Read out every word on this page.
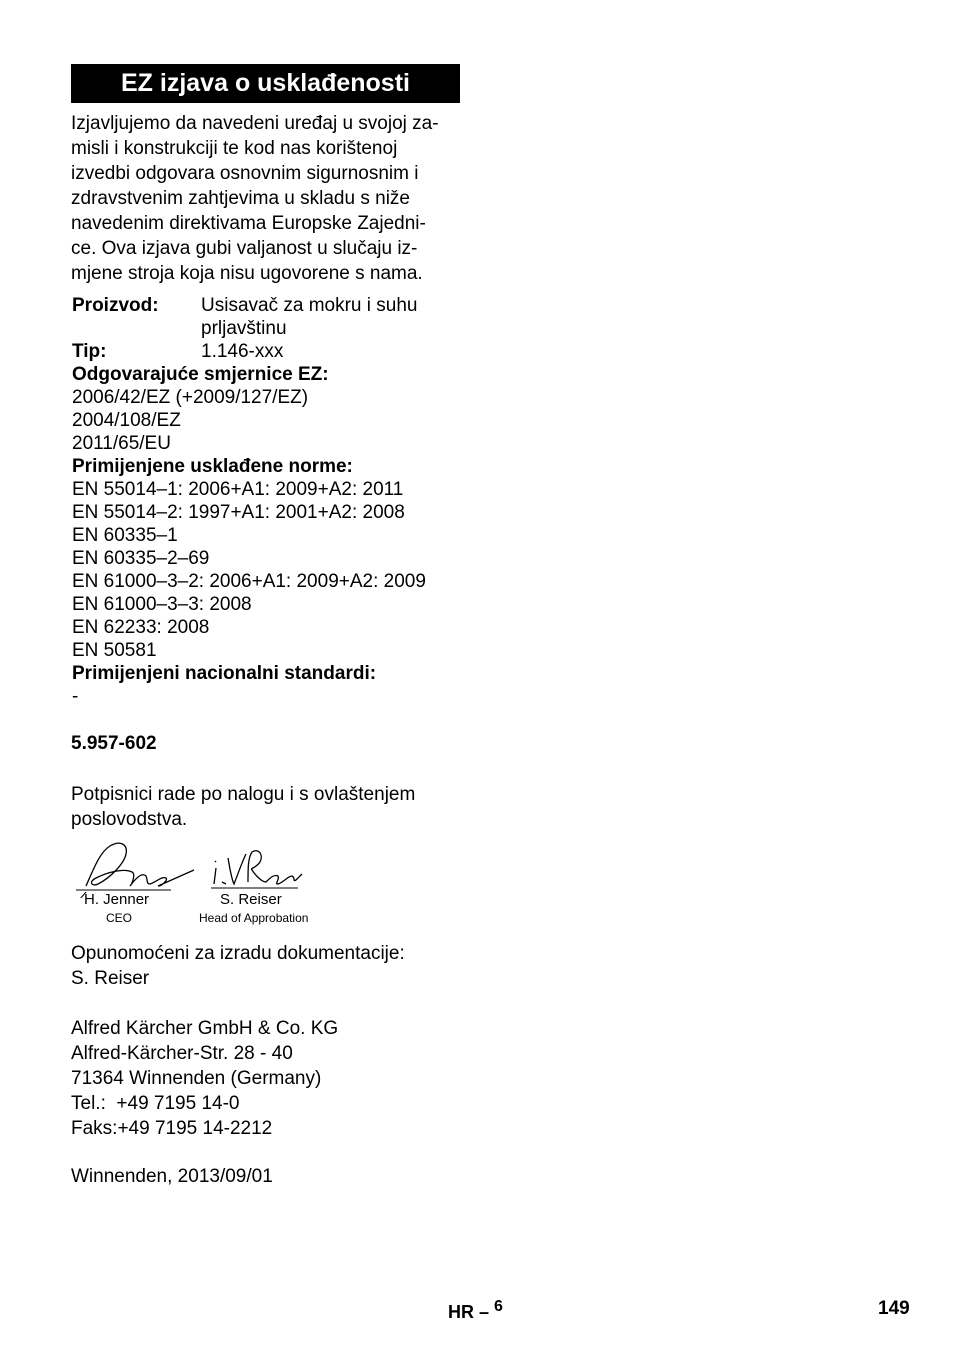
EZ izjava o usklađenosti
Izjavljujemo da navedeni uređaj u svojoj za-
misli i konstrukciji te kod nas korištenoj
izvedbi odgovara osnovnim sigurnosnim i
zdravstvenim zahtjevima u skladu s niže
navedenim direktivama Europske Zajedni-
ce. Ova izjava gubi valjanost u slučaju iz-
mjene stroja koja nisu ugovorene s nama.
Proizvod:	Usisavač za mokru i suhu
prljavštinu
Tip:	1.146-xxx
Odgovarajuće smjernice EZ:
2006/42/EZ (+2009/127/EZ)
2004/108/EZ
2011/65/EU
Primijenjene usklađene norme:
EN 55014–1: 2006+A1: 2009+A2: 2011
EN 55014–2: 1997+A1: 2001+A2: 2008
EN 60335–1
EN 60335–2–69
EN 61000–3–2: 2006+A1: 2009+A2: 2009
EN 61000–3–3: 2008
EN 62233: 2008
EN 50581
Primijenjeni nacionalni standardi:
-
5.957-602
Potpisnici rade po nalogu i s ovlaštenjem
poslovodstva.
H. Jenner
CEO
S. Reiser
Head of Approbation
Opunomoćeni za izradu dokumentacije:
S. Reiser
Alfred Kärcher GmbH & Co. KG
Alfred-Kärcher-Str. 28 - 40
71364 Winnenden (Germany)
Tel.:  +49 7195 14-0
Faks:+49 7195 14-2212
Winnenden, 2013/09/01
HR – $^6$	149
